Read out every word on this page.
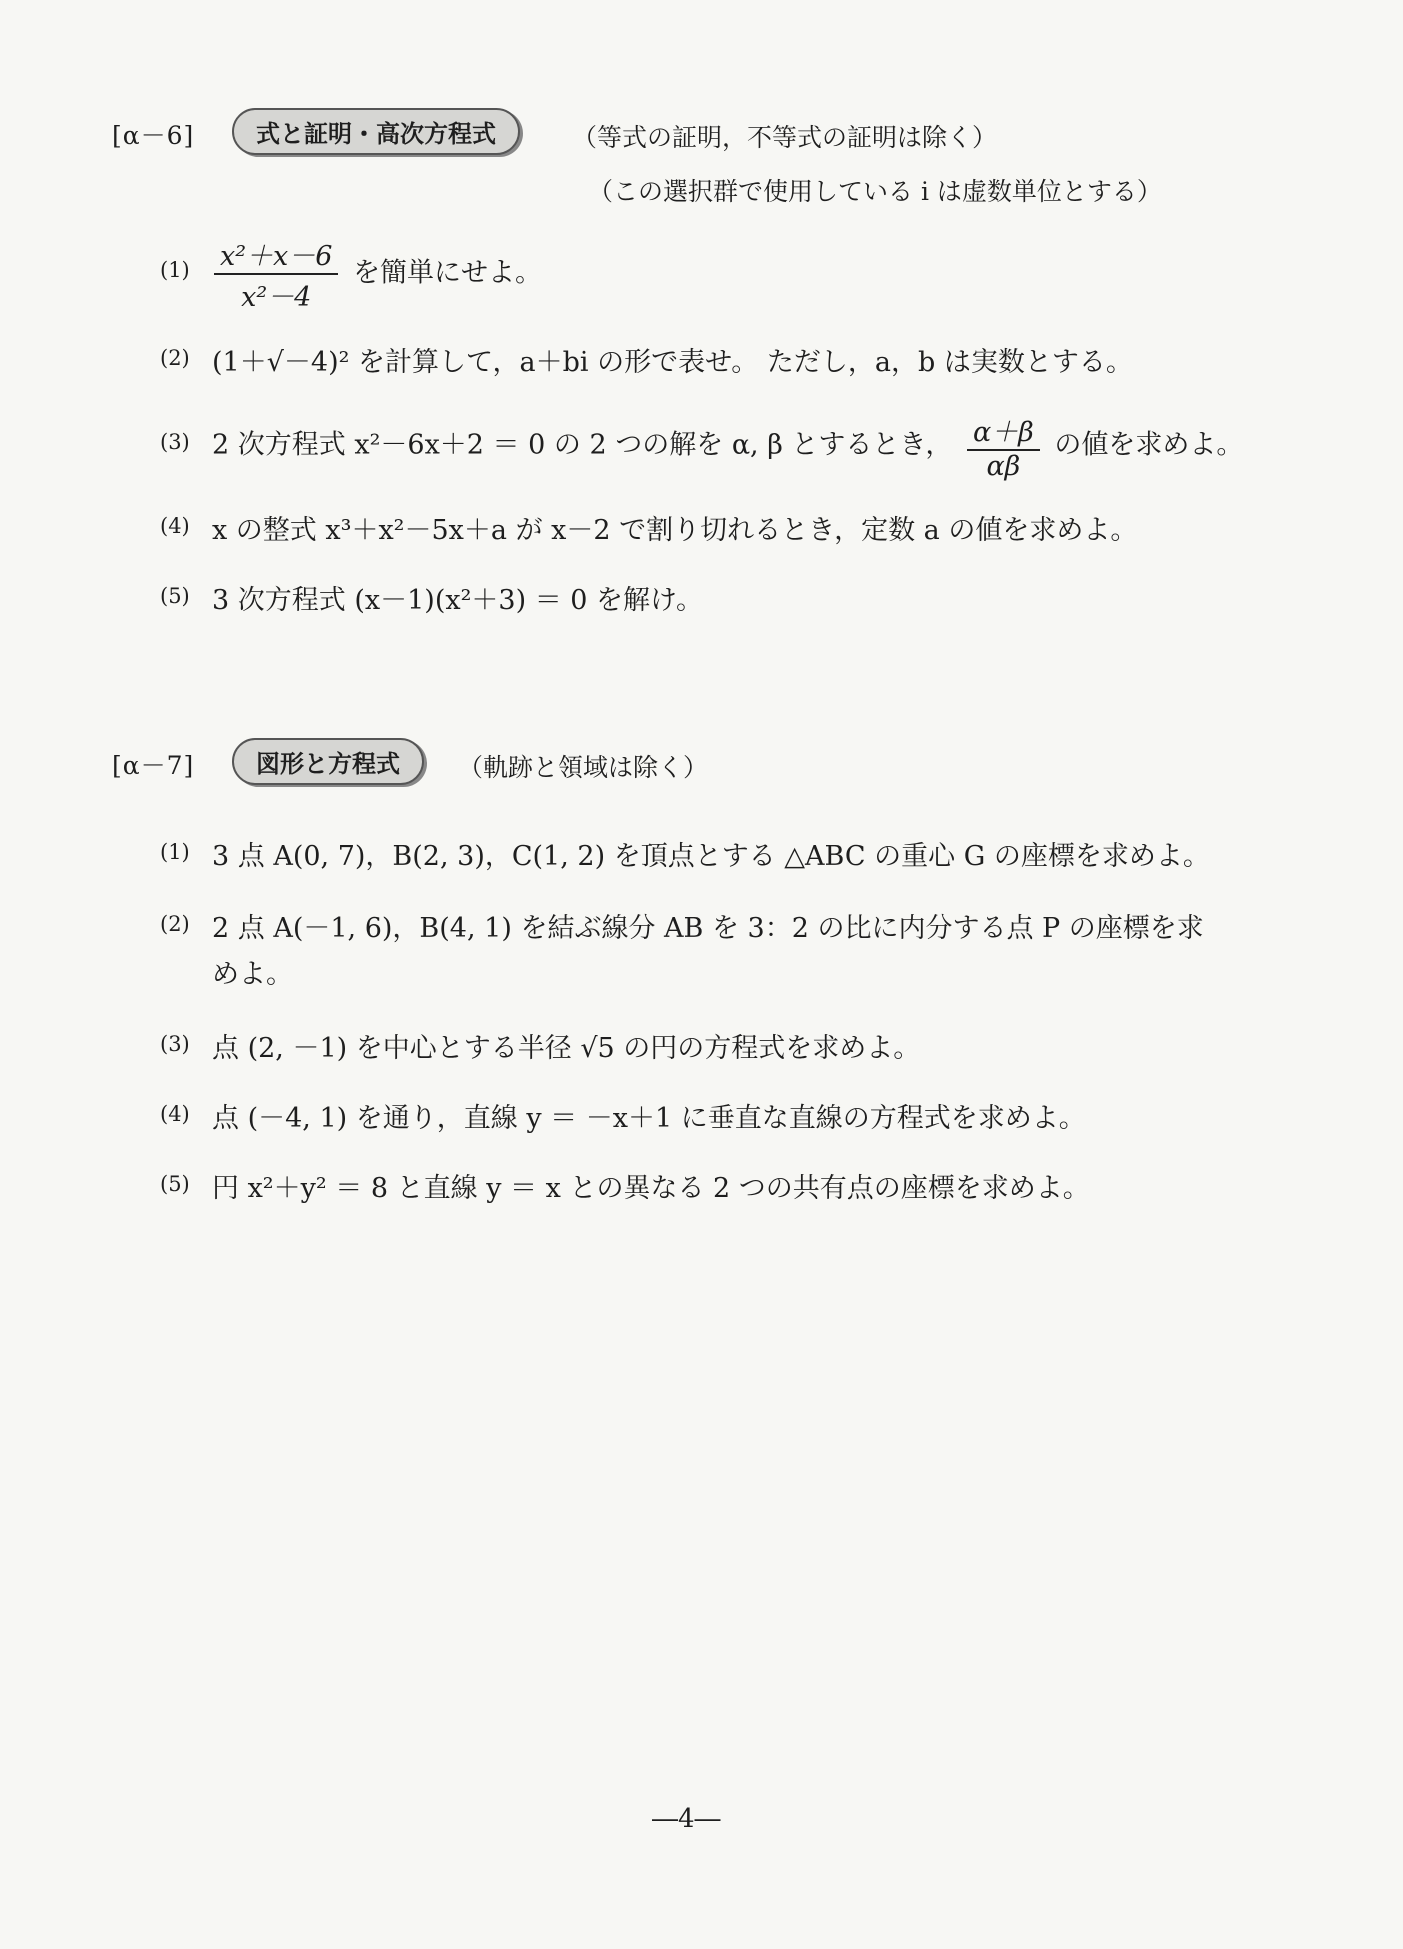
[α－6]	式と証明・高次方程式	（等式の証明，不等式の証明は除く）
（この選択群で使用している i は虚数単位とする）
$(1) \frac{\text{x²＋x－6}}{\text{x²－4}}$ を簡単にせよ。
(2) (1＋√－4)² を計算して，a＋bi の形で表せ。 ただし，a，b は実数とする。
(3) 2 次方程式 x²－6x＋2 ＝ 0 の 2 つの解を α, β とするとき， $\frac{\alpha+\beta}{\alpha\beta}$ の値を求めよ。
(4) x の整式 x³＋x²－5x＋a が x－2 で割り切れるとき，定数 a の値を求めよ。
(5) 3 次方程式 (x－1)(x²＋3) ＝ 0 を解け。
[α－7]	図形と方程式	（軌跡と領域は除く）
(1) 3 点 A(0, 7)，B(2, 3)，C(1, 2) を頂点とする △ABC の重心 G の座標を求めよ。
(2) 2 点 A(－1, 6)，B(4, 1) を結ぶ線分 AB を 3：2 の比に内分する点 P の座標を求
めよ。
(3) 点 (2, －1) を中心とする半径 √5 の円の方程式を求めよ。
(4) 点 (－4, 1) を通り，直線 y ＝ －x＋1 に垂直な直線の方程式を求めよ。
(5) 円 x²＋y² ＝ 8 と直線 y ＝ x との異なる 2 つの共有点の座標を求めよ。
―4―
